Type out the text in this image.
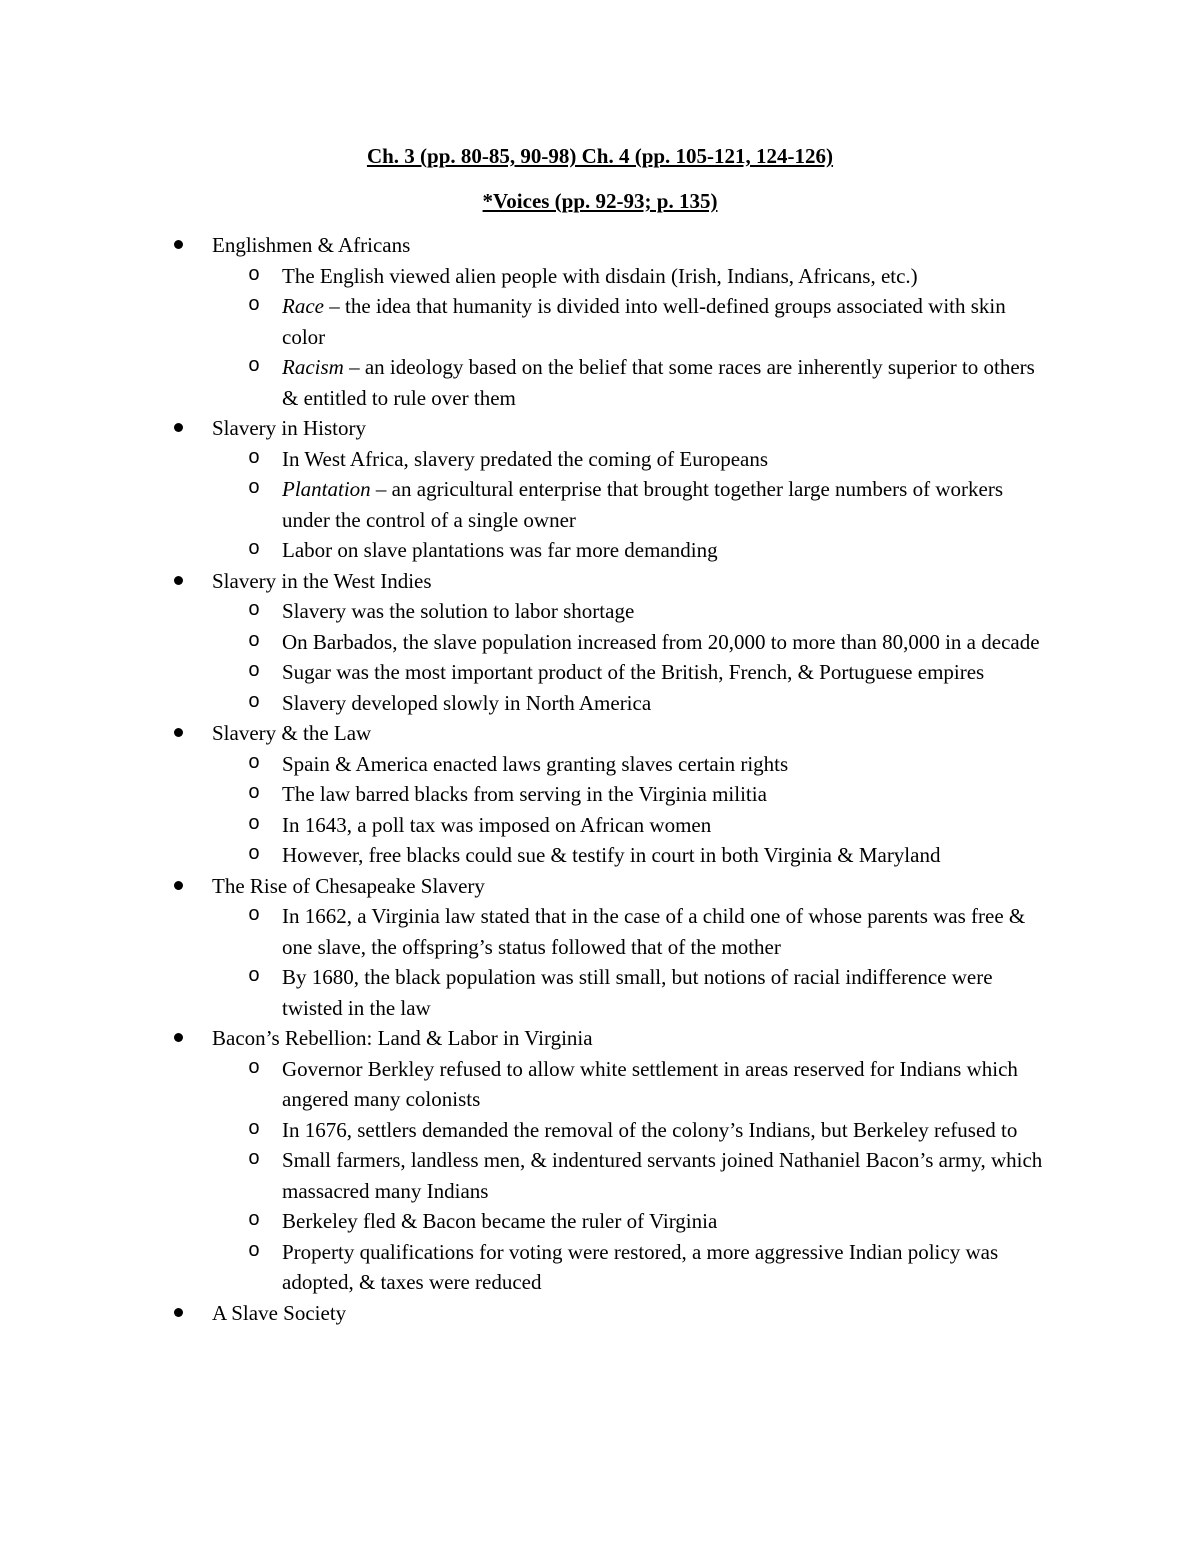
Ch. 3 (pp. 80-85, 90-98) Ch. 4 (pp. 105-121, 124-126)
*Voices (pp. 92-93; p. 135)
Englishmen & Africans
o The English viewed alien people with disdain (Irish, Indians, Africans, etc.)
o Race – the idea that humanity is divided into well-defined groups associated with skin color
o Racism – an ideology based on the belief that some races are inherently superior to others & entitled to rule over them
Slavery in History
o In West Africa, slavery predated the coming of Europeans
o Plantation – an agricultural enterprise that brought together large numbers of workers under the control of a single owner
o Labor on slave plantations was far more demanding
Slavery in the West Indies
o Slavery was the solution to labor shortage
o On Barbados, the slave population increased from 20,000 to more than 80,000 in a decade
o Sugar was the most important product of the British, French, & Portuguese empires
o Slavery developed slowly in North America
Slavery & the Law
o Spain & America enacted laws granting slaves certain rights
o The law barred blacks from serving in the Virginia militia
o In 1643, a poll tax was imposed on African women
o However, free blacks could sue & testify in court in both Virginia & Maryland
The Rise of Chesapeake Slavery
o In 1662, a Virginia law stated that in the case of a child one of whose parents was free & one slave, the offspring’s status followed that of the mother
o By 1680, the black population was still small, but notions of racial indifference were twisted in the law
Bacon’s Rebellion: Land & Labor in Virginia
o Governor Berkley refused to allow white settlement in areas reserved for Indians which angered many colonists
o In 1676, settlers demanded the removal of the colony’s Indians, but Berkeley refused to
o Small farmers, landless men, & indentured servants joined Nathaniel Bacon’s army, which massacred many Indians
o Berkeley fled & Bacon became the ruler of Virginia
o Property qualifications for voting were restored, a more aggressive Indian policy was adopted, & taxes were reduced
A Slave Society
